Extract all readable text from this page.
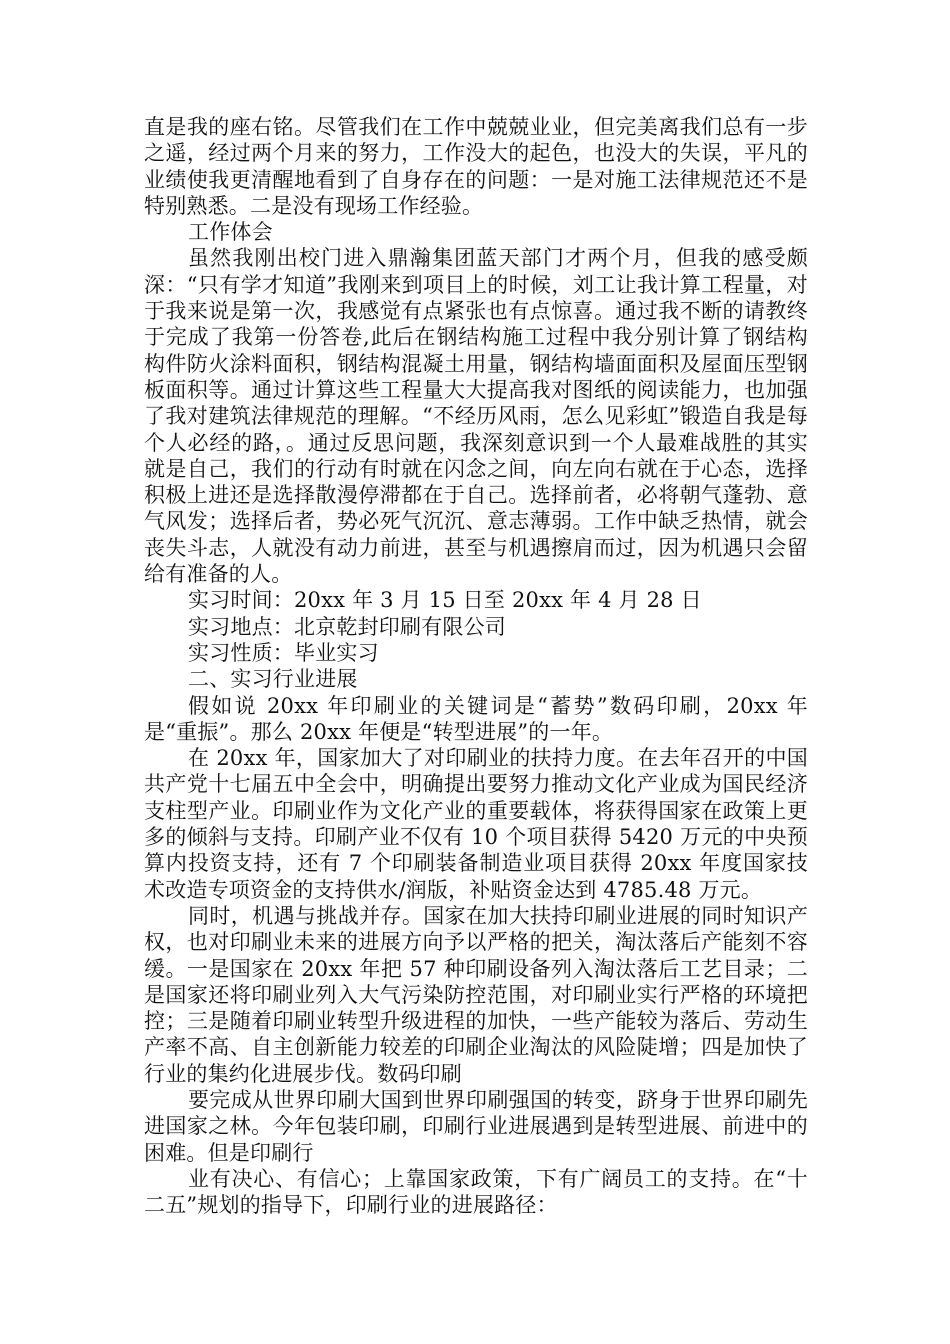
直是我的座右铭。尽管我们在工作中兢兢业业，但完美离我们总有一步之遥，经过两个月来的努力，工作没大的起色，也没大的失误，平凡的业绩使我更清醒地看到了自身存在的问题：一是对施工法律规范还不是特别熟悉。二是没有现场工作经验。

工作体会

虽然我刚出校门进入鼎瀚集团蓝天部门才两个月，但我的感受颇深：“只有学才知道”我刚来到项目上的时候，刘工让我计算工程量，对于我来说是第一次，我感觉有点紧张也有点惊喜。通过我不断的请教终于完成了我第一份答卷,此后在钢结构施工过程中我分别计算了钢结构构件防火涂料面积，钢结构混凝土用量，钢结构墙面面积及屋面压型钢板面积等。通过计算这些工程量大大提高我对图纸的阅读能力，也加强了我对建筑法律规范的理解。“不经历风雨，怎么见彩虹”锻造自我是每个人必经的路，。通过反思问题，我深刻意识到一个人最难战胜的其实就是自己，我们的行动有时就在闪念之间，向左向右就在于心态，选择积极上进还是选择散漫停滞都在于自己。选择前者，必将朝气蓬勃、意气风发；选择后者，势必死气沉沉、意志薄弱。工作中缺乏热情，就会丧失斗志，人就没有动力前进，甚至与机遇擦肩而过，因为机遇只会留给有准备的人。

实习时间：20xx 年 3 月 15 日至 20xx 年 4 月 28 日

实习地点：北京乾封印刷有限公司

实习性质：毕业实习

二、实习行业进展

假如说 20xx 年印刷业的关键词是“蓄势”数码印刷，20xx 年是“重振”。那么 20xx 年便是“转型进展”的一年。

在 20xx 年，国家加大了对印刷业的扶持力度。在去年召开的中国共产党十七届五中全会中，明确提出要努力推动文化产业成为国民经济支柱型产业。印刷业作为文化产业的重要载体，将获得国家在政策上更多的倾斜与支持。印刷产业不仅有 10 个项目获得 5420 万元的中央预算内投资支持，还有 7 个印刷装备制造业项目获得 20xx 年度国家技术改造专项资金的支持供水/润版，补贴资金达到 4785.48 万元。

同时，机遇与挑战并存。国家在加大扶持印刷业进展的同时知识产权，也对印刷业未来的进展方向予以严格的把关，淘汰落后产能刻不容缓。一是国家在 20xx 年把 57 种印刷设备列入淘汰落后工艺目录；二是国家还将印刷业列入大气污染防控范围，对印刷业实行严格的环境把控；三是随着印刷业转型升级进程的加快，一些产能较为落后、劳动生产率不高、自主创新能力较差的印刷企业淘汰的风险陡增；四是加快了行业的集约化进展步伐。数码印刷

要完成从世界印刷大国到世界印刷强国的转变，跻身于世界印刷先进国家之林。今年包装印刷，印刷行业进展遇到是转型进展、前进中的困难。但是印刷行

业有决心、有信心；上靠国家政策，下有广阔员工的支持。在“十二五”规划的指导下，印刷行业的进展路径：
